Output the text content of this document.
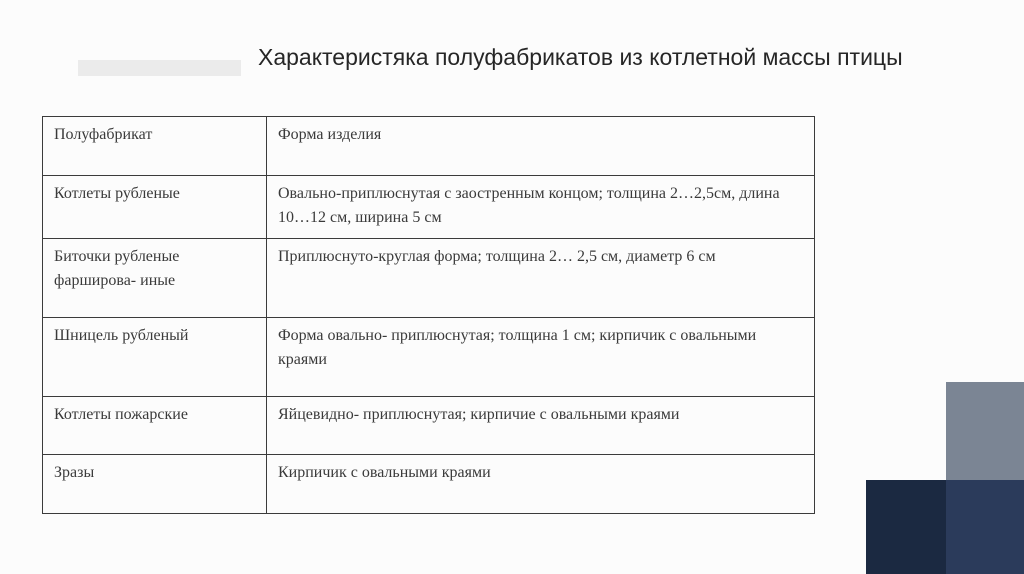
Характеристяка полуфабрикатов из котлетной массы птицы
Полуфабрикат	Форма изделия
Котлеты рубленые	Овально-приплюснутая с заостренным концом; толщина 2…2,5см, длина 10…12 см, ширина 5 см
Биточки рубленые фарширова- иные	Приплюснуто-круглая форма; толщина 2… 2,5 см, диаметр 6 см
Шницель рубленый	Форма овально- приплюснутая; толщина 1 см; кирпичик с овальными краями
Котлеты пожарские	Яйцевидно- приплюснутая; кирпичие с овальными краями
Зразы	Кирпичик с овальными краями
